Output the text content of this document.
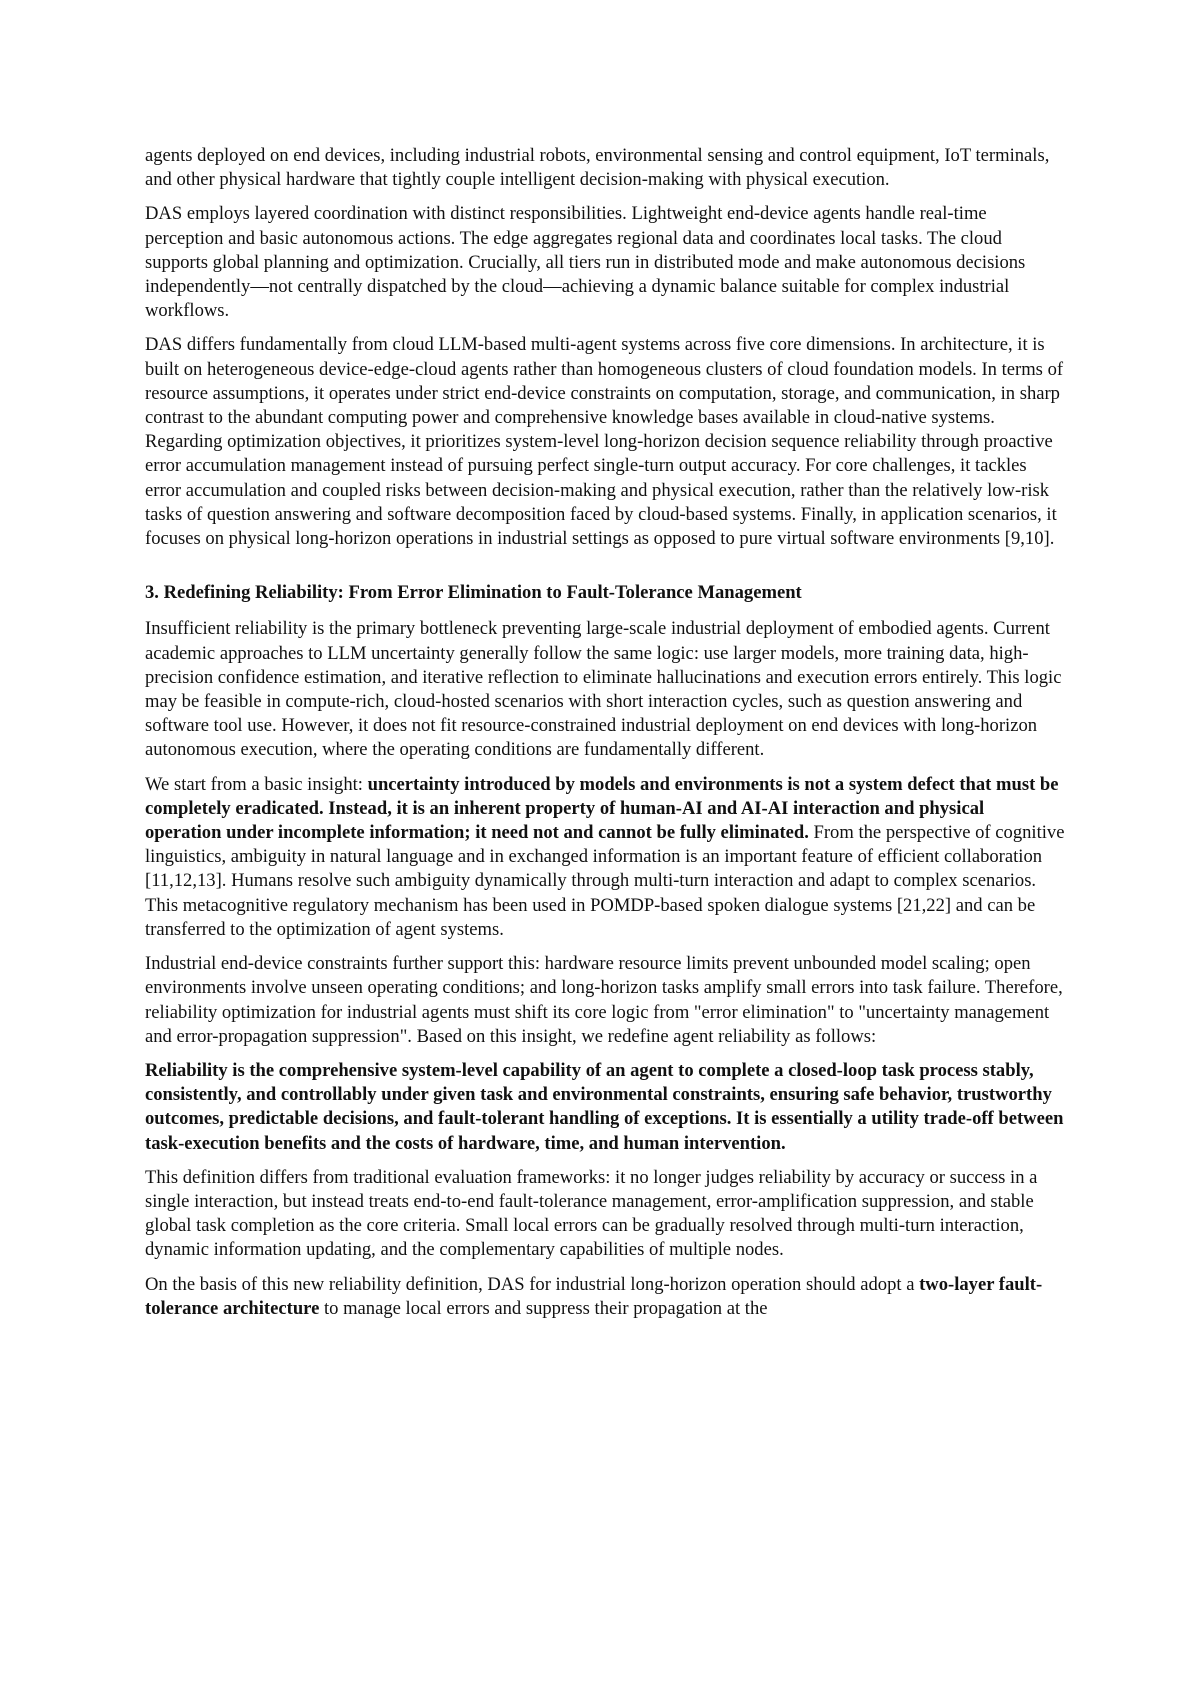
agents deployed on end devices, including industrial robots, environmental sensing and control equipment, IoT terminals, and other physical hardware that tightly couple intelligent decision-making with physical execution.

DAS employs layered coordination with distinct responsibilities. Lightweight end-device agents handle real-time perception and basic autonomous actions. The edge aggregates regional data and coordinates local tasks. The cloud supports global planning and optimization. Crucially, all tiers run in distributed mode and make autonomous decisions independently—not centrally dispatched by the cloud—achieving a dynamic balance suitable for complex industrial workflows.

DAS differs fundamentally from cloud LLM-based multi-agent systems across five core dimensions. In architecture, it is built on heterogeneous device-edge-cloud agents rather than homogeneous clusters of cloud foundation models. In terms of resource assumptions, it operates under strict end-device constraints on computation, storage, and communication, in sharp contrast to the abundant computing power and comprehensive knowledge bases available in cloud-native systems. Regarding optimization objectives, it prioritizes system-level long-horizon decision sequence reliability through proactive error accumulation management instead of pursuing perfect single-turn output accuracy. For core challenges, it tackles error accumulation and coupled risks between decision-making and physical execution, rather than the relatively low-risk tasks of question answering and software decomposition faced by cloud-based systems. Finally, in application scenarios, it focuses on physical long-horizon operations in industrial settings as opposed to pure virtual software environments [9,10].

3. Redefining Reliability: From Error Elimination to Fault-Tolerance Management

Insufficient reliability is the primary bottleneck preventing large-scale industrial deployment of embodied agents. Current academic approaches to LLM uncertainty generally follow the same logic: use larger models, more training data, high-precision confidence estimation, and iterative reflection to eliminate hallucinations and execution errors entirely. This logic may be feasible in compute-rich, cloud-hosted scenarios with short interaction cycles, such as question answering and software tool use. However, it does not fit resource-constrained industrial deployment on end devices with long-horizon autonomous execution, where the operating conditions are fundamentally different.

We start from a basic insight: uncertainty introduced by models and environments is not a system defect that must be completely eradicated. Instead, it is an inherent property of human-AI and AI-AI interaction and physical operation under incomplete information; it need not and cannot be fully eliminated. From the perspective of cognitive linguistics, ambiguity in natural language and in exchanged information is an important feature of efficient collaboration [11,12,13]. Humans resolve such ambiguity dynamically through multi-turn interaction and adapt to complex scenarios. This metacognitive regulatory mechanism has been used in POMDP-based spoken dialogue systems [21,22] and can be transferred to the optimization of agent systems.

Industrial end-device constraints further support this: hardware resource limits prevent unbounded model scaling; open environments involve unseen operating conditions; and long-horizon tasks amplify small errors into task failure. Therefore, reliability optimization for industrial agents must shift its core logic from "error elimination" to "uncertainty management and error-propagation suppression". Based on this insight, we redefine agent reliability as follows:

Reliability is the comprehensive system-level capability of an agent to complete a closed-loop task process stably, consistently, and controllably under given task and environmental constraints, ensuring safe behavior, trustworthy outcomes, predictable decisions, and fault-tolerant handling of exceptions. It is essentially a utility trade-off between task-execution benefits and the costs of hardware, time, and human intervention.

This definition differs from traditional evaluation frameworks: it no longer judges reliability by accuracy or success in a single interaction, but instead treats end-to-end fault-tolerance management, error-amplification suppression, and stable global task completion as the core criteria. Small local errors can be gradually resolved through multi-turn interaction, dynamic information updating, and the complementary capabilities of multiple nodes.

On the basis of this new reliability definition, DAS for industrial long-horizon operation should adopt a two-layer fault-tolerance architecture to manage local errors and suppress their propagation at the
